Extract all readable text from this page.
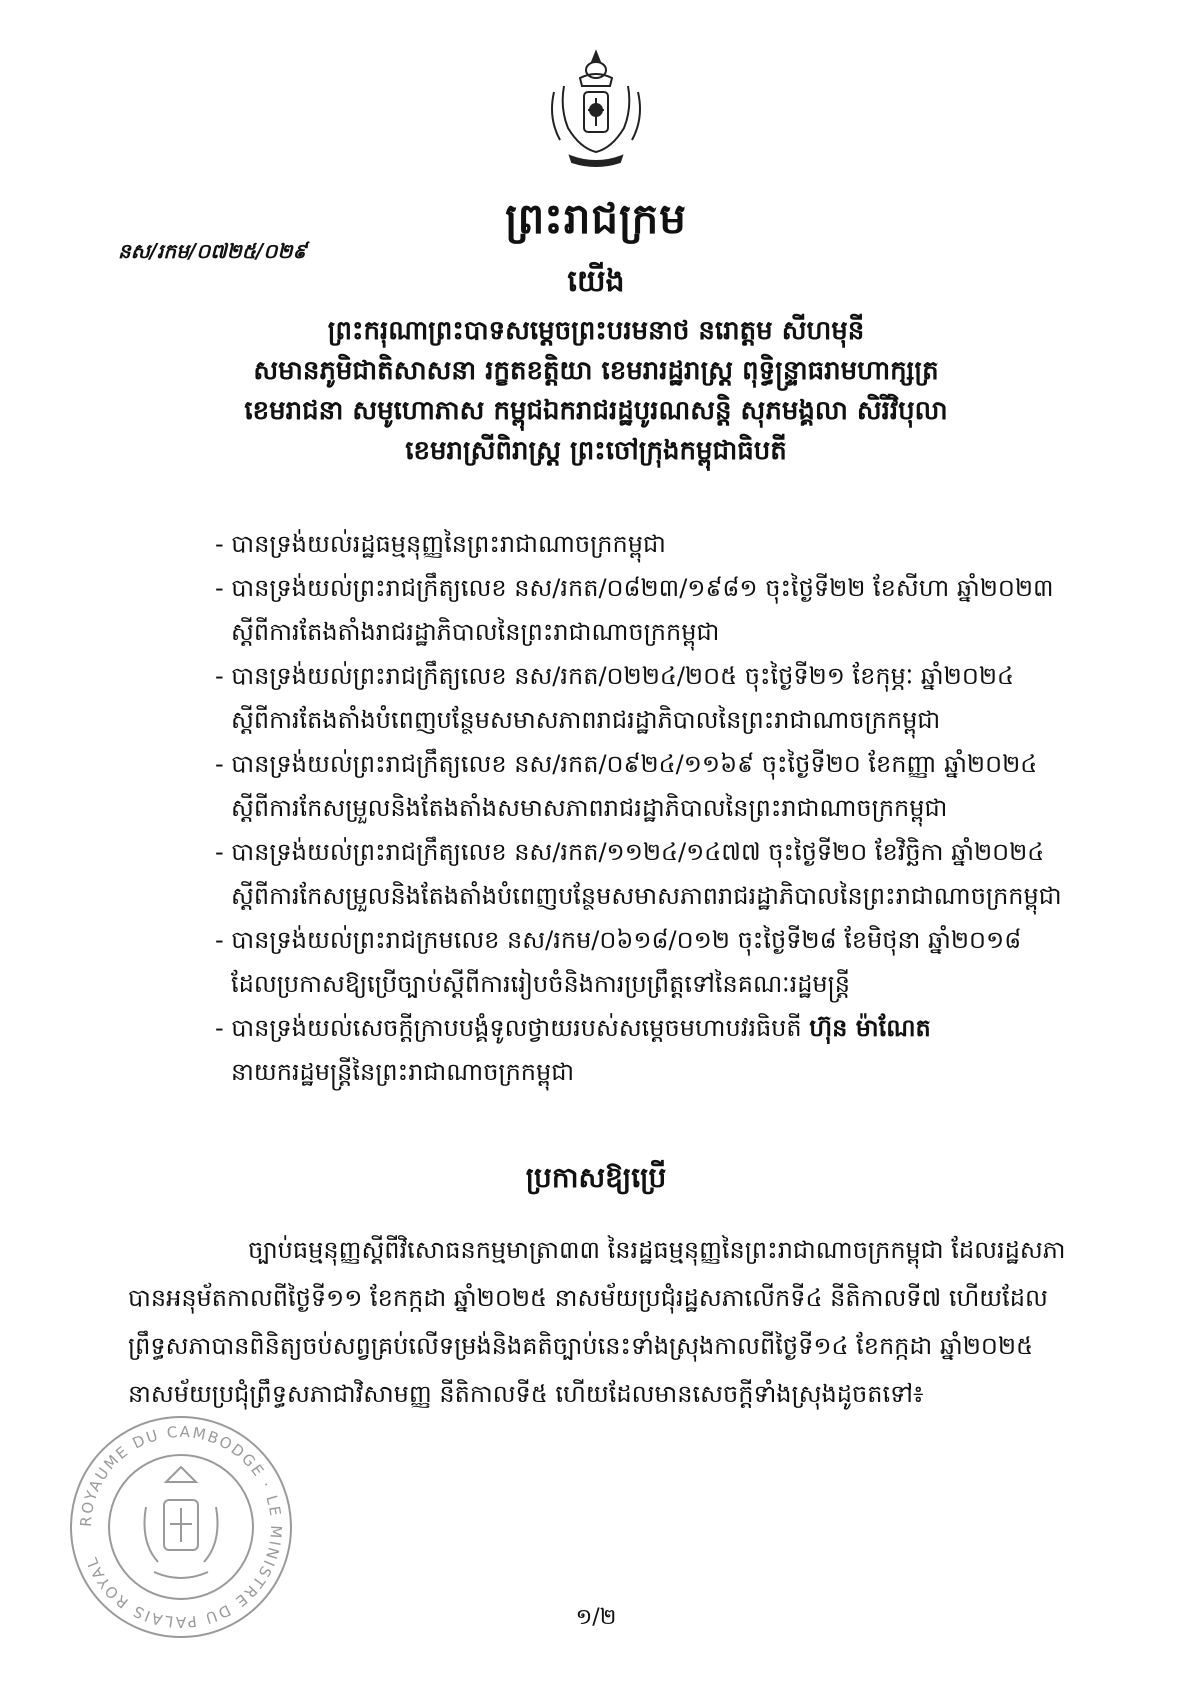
ព្រះរាជក្រម
នស/រកម/០៧២៥/០២៩
យើង
ព្រះករុណាព្រះបាទសម្តេចព្រះបរមនាថ នរោត្តម សីហមុនី
សមានភូមិជាតិសាសនា រក្ខតខត្តិយា ខេមរារដ្ឋរាស្ត្រ ពុទ្ធិន្ទ្រាធរាមហាក្សត្រ
ខេមរាជនា សមូហោភាស កម្ពុជឯករាជរដ្ឋបូរណសន្តិ សុភមង្គលា សិរីវិបុលា
ខេមរាស្រីពិរាស្ត្រ ព្រះចៅក្រុងកម្ពុជាធិបតី
- បានទ្រង់យល់រដ្ឋធម្មនុញ្ញនៃព្រះរាជាណាចក្រកម្ពុជា
- បានទ្រង់យល់ព្រះរាជក្រឹត្យលេខ នស/រកត/០៨២៣/១៩៨១ ចុះថ្ងៃទី២២ ខែសីហា ឆ្នាំ២០២៣
ស្តីពីការតែងតាំងរាជរដ្ឋាភិបាលនៃព្រះរាជាណាចក្រកម្ពុជា
- បានទ្រង់យល់ព្រះរាជក្រឹត្យលេខ នស/រកត/០២២៤/២០៥ ចុះថ្ងៃទី២១ ខែកុម្ភៈ ឆ្នាំ២០២៤
ស្តីពីការតែងតាំងបំពេញបន្ថែមសមាសភាពរាជរដ្ឋាភិបាលនៃព្រះរាជាណាចក្រកម្ពុជា
- បានទ្រង់យល់ព្រះរាជក្រឹត្យលេខ នស/រកត/០៩២៤/១១៦៩ ចុះថ្ងៃទី២០ ខែកញ្ញា ឆ្នាំ២០២៤
ស្តីពីការកែសម្រួលនិងតែងតាំងសមាសភាពរាជរដ្ឋាភិបាលនៃព្រះរាជាណាចក្រកម្ពុជា
- បានទ្រង់យល់ព្រះរាជក្រឹត្យលេខ នស/រកត/១១២៤/១៤៧៧ ចុះថ្ងៃទី២០ ខែវិច្ឆិកា ឆ្នាំ២០២៤
ស្តីពីការកែសម្រួលនិងតែងតាំងបំពេញបន្ថែមសមាសភាពរាជរដ្ឋាភិបាលនៃព្រះរាជាណាចក្រកម្ពុជា
- បានទ្រង់យល់ព្រះរាជក្រមលេខ នស/រកម/០៦១៨/០១២ ចុះថ្ងៃទី២៨ ខែមិថុនា ឆ្នាំ២០១៨
ដែលប្រកាសឱ្យប្រើច្បាប់ស្តីពីការរៀបចំនិងការប្រព្រឹត្តទៅនៃគណៈរដ្ឋមន្ត្រី
- បានទ្រង់យល់សេចក្តីក្រាបបង្គំទូលថ្វាយរបស់សម្តេចមហាបវរធិបតី ហ៊ុន ម៉ាណែត
នាយករដ្ឋមន្ត្រីនៃព្រះរាជាណាចក្រកម្ពុជា
ប្រកាសឱ្យប្រើ
ច្បាប់ធម្មនុញ្ញស្តីពីវិសោធនកម្មមាត្រា៣៣ នៃរដ្ឋធម្មនុញ្ញនៃព្រះរាជាណាចក្រកម្ពុជា ដែលរដ្ឋសភា
បានអនុម័តកាលពីថ្ងៃទី១១ ខែកក្កដា ឆ្នាំ២០២៥ នាសម័យប្រជុំរដ្ឋសភាលើកទី៤ នីតិកាលទី៧ ហើយដែល
ព្រឹទ្ធសភាបានពិនិត្យចប់សព្វគ្រប់លើទម្រង់និងគតិច្បាប់នេះទាំងស្រុងកាលពីថ្ងៃទី១៤ ខែកក្កដា ឆ្នាំ២០២៥
នាសម័យប្រជុំព្រឹទ្ធសភាជាវិសាមញ្ញ នីតិកាលទី៥ ហើយដែលមានសេចក្តីទាំងស្រុងដូចតទៅ៖
ROYAUME DU CAMBODGE · LE MINISTRE DU PALAIS ROYAL
១/២
